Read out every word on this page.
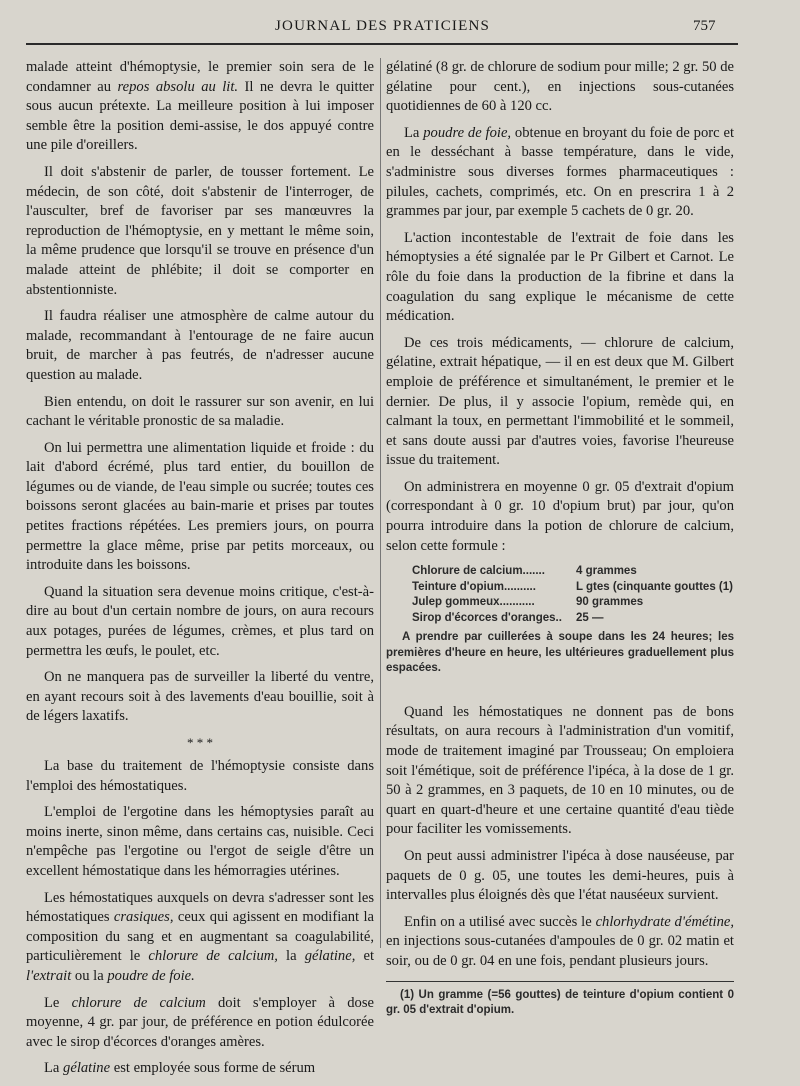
JOURNAL DES PRATICIENS	757

malade atteint d'hémoptysie, le premier soin sera de le condamner au repos absolu au lit. Il ne devra le quitter sous aucun prétexte. La meilleure position à lui imposer semble être la position demi-assise, le dos appuyé contre une pile d'oreillers.

Il doit s'abstenir de parler, de tousser fortement. Le médecin, de son côté, doit s'abstenir de l'interroger, de l'ausculter, bref de favoriser par ses manœuvres la reproduction de l'hémoptysie, en y mettant le même soin, la même prudence que lorsqu'il se trouve en présence d'un malade atteint de phlébite; il doit se comporter en abstentionniste.

Il faudra réaliser une atmosphère de calme autour du malade, recommandant à l'entourage de ne faire aucun bruit, de marcher à pas feutrés, de n'adresser aucune question au malade.

Bien entendu, on doit le rassurer sur son avenir, en lui cachant le véritable pronostic de sa maladie.

On lui permettra une alimentation liquide et froide : du lait d'abord écrémé, plus tard entier, du bouillon de légumes ou de viande, de l'eau simple ou sucrée; toutes ces boissons seront glacées au bain-marie et prises par toutes petites fractions répétées. Les premiers jours, on pourra permettre la glace même, prise par petits morceaux, ou introduite dans les boissons.

Quand la situation sera devenue moins critique, c'est-à-dire au bout d'un certain nombre de jours, on aura recours aux potages, purées de légumes, crèmes, et plus tard on permettra les œufs, le poulet, etc.

On ne manquera pas de surveiller la liberté du ventre, en ayant recours soit à des lavements d'eau bouillie, soit à de légers laxatifs.

* * *

La base du traitement de l'hémoptysie consiste dans l'emploi des hémostatiques.

L'emploi de l'ergotine dans les hémoptysies paraît au moins inerte, sinon même, dans certains cas, nuisible. Ceci n'empêche pas l'ergotine ou l'ergot de seigle d'être un excellent hémostatique dans les hémorragies utérines.

Les hémostatiques auxquels on devra s'adresser sont les hémostatiques crasiques, ceux qui agissent en modifiant la composition du sang et en augmentant sa coagulabilité, particulièrement le chlorure de calcium, la gélatine, et l'extrait ou la poudre de foie.

Le chlorure de calcium doit s'employer à dose moyenne, 4 gr. par jour, de préférence en potion édulcorée avec le sirop d'écorces d'oranges amères.

La gélatine est employée sous forme de sérum

gélatiné (8 gr. de chlorure de sodium pour mille; 2 gr. 50 de gélatine pour cent.), en injections sous-cutanées quotidiennes de 60 à 120 cc.

La poudre de foie, obtenue en broyant du foie de porc et en le desséchant à basse température, dans le vide, s'administre sous diverses formes pharmaceutiques : pilules, cachets, comprimés, etc. On en prescrira 1 à 2 grammes par jour, par exemple 5 cachets de 0 gr. 20.

L'action incontestable de l'extrait de foie dans les hémoptysies a été signalée par le Pr Gilbert et Carnot. Le rôle du foie dans la production de la fibrine et dans la coagulation du sang explique le mécanisme de cette médication.

De ces trois médicaments, — chlorure de calcium, gélatine, extrait hépatique, — il en est deux que M. Gilbert emploie de préférence et simultanément, le premier et le dernier. De plus, il y associe l'opium, remède qui, en calmant la toux, en permettant l'immobilité et le sommeil, et sans doute aussi par d'autres voies, favorise l'heureuse issue du traitement.

On administrera en moyenne 0 gr. 05 d'extrait d'opium (correspondant à 0 gr. 10 d'opium brut) par jour, qu'on pourra introduire dans la potion de chlorure de calcium, selon cette formule :

Chlorure de calcium.......	4 grammes
Teinture d'opium..........	L gtes (cinquante gouttes (1)
Julep gommeux...........	90 grammes
Sirop d'écorces d'oranges..	25 —
A prendre par cuillerées à soupe dans les 24 heures; les premières d'heure en heure, les ultérieures graduellement plus espacées.

Quand les hémostatiques ne donnent pas de bons résultats, on aura recours à l'administration d'un vomitif, mode de traitement imaginé par Trousseau; On emploiera soit l'émétique, soit de préférence l'ipéca, à la dose de 1 gr. 50 à 2 grammes, en 3 paquets, de 10 en 10 minutes, ou de quart en quart-d'heure et une certaine quantité d'eau tiède pour faciliter les vomissements.

On peut aussi administrer l'ipéca à dose nauséeuse, par paquets de 0 g. 05, une toutes les demi-heures, puis à intervalles plus éloignés dès que l'état nauséeux survient.

Enfin on a utilisé avec succès le chlorhydrate d'émétine, en injections sous-cutanées d'ampoules de 0 gr. 02 matin et soir, ou de 0 gr. 04 en une fois, pendant plusieurs jours.

(1) Un gramme (=56 gouttes) de teinture d'opium contient 0 gr. 05 d'extrait d'opium.
